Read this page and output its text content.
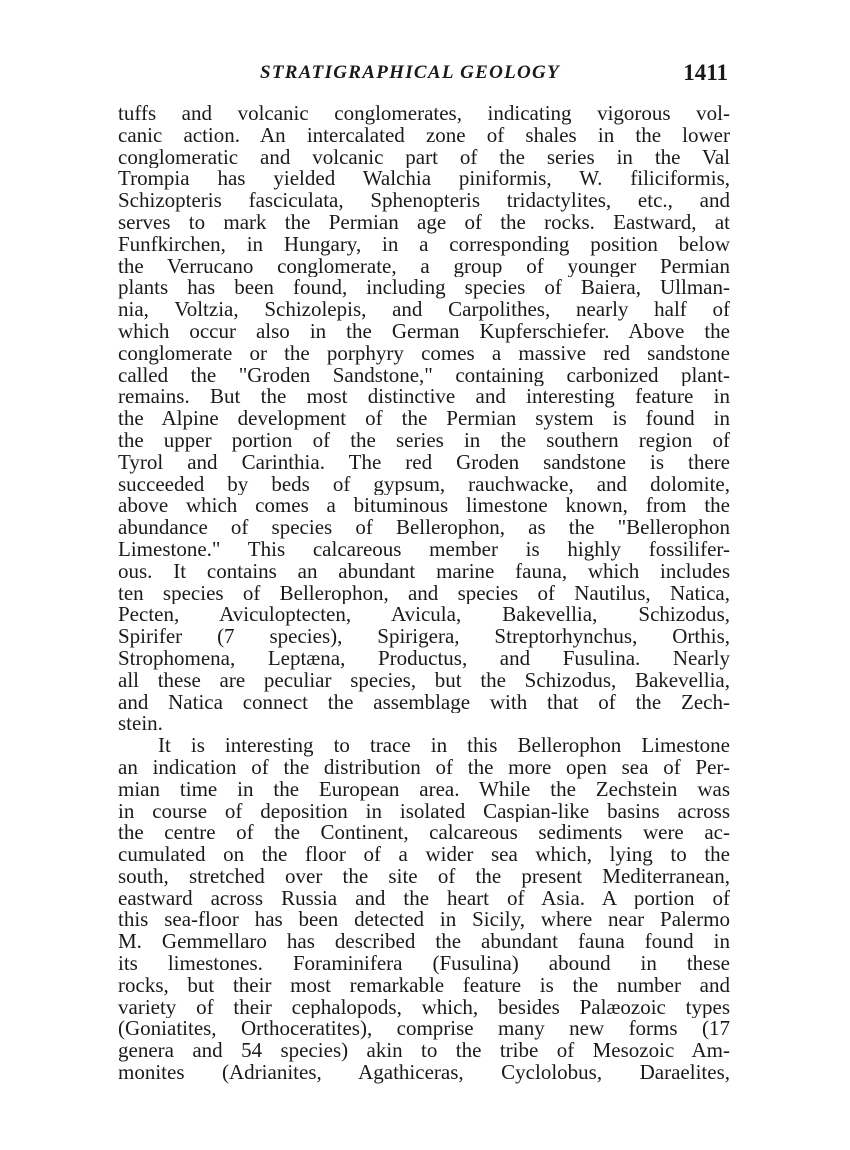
STRATIGRAPHICAL GEOLOGY	1411
tuffs and volcanic conglomerates, indicating vigorous vol-
canic action. An intercalated zone of shales in the lower
conglomeratic and volcanic part of the series in the Val
Trompia has yielded Walchia piniformis, W. filiciformis,
Schizopteris fasciculata, Sphenopteris tridactylites, etc., and
serves to mark the Permian age of the rocks. Eastward, at
Funfkirchen, in Hungary, in a corresponding position below
the Verrucano conglomerate, a group of younger Permian
plants has been found, including species of Baiera, Ullman-
nia, Voltzia, Schizolepis, and Carpolithes, nearly half of
which occur also in the German Kupferschiefer. Above the
conglomerate or the porphyry comes a massive red sandstone
called the "Groden Sandstone," containing carbonized plant-
remains. But the most distinctive and interesting feature in
the Alpine development of the Permian system is found in
the upper portion of the series in the southern region of
Tyrol and Carinthia. The red Groden sandstone is there
succeeded by beds of gypsum, rauchwacke, and dolomite,
above which comes a bituminous limestone known, from the
abundance of species of Bellerophon, as the "Bellerophon
Limestone." This calcareous member is highly fossilifer-
ous. It contains an abundant marine fauna, which includes
ten species of Bellerophon, and species of Nautilus, Natica,
Pecten, Aviculoptecten, Avicula, Bakevellia, Schizodus,
Spirifer (7 species), Spirigera, Streptorhynchus, Orthis,
Strophomena, Leptæna, Productus, and Fusulina. Nearly
all these are peculiar species, but the Schizodus, Bakevellia,
and Natica connect the assemblage with that of the Zech-
stein.
It is interesting to trace in this Bellerophon Limestone
an indication of the distribution of the more open sea of Per-
mian time in the European area. While the Zechstein was
in course of deposition in isolated Caspian-like basins across
the centre of the Continent, calcareous sediments were ac-
cumulated on the floor of a wider sea which, lying to the
south, stretched over the site of the present Mediterranean,
eastward across Russia and the heart of Asia. A portion of
this sea-floor has been detected in Sicily, where near Palermo
M. Gemmellaro has described the abundant fauna found in
its limestones. Foraminifera (Fusulina) abound in these
rocks, but their most remarkable feature is the number and
variety of their cephalopods, which, besides Palæozoic types
(Goniatites, Orthoceratites), comprise many new forms (17
genera and 54 species) akin to the tribe of Mesozoic Am-
monites (Adrianites, Agathiceras, Cyclolobus, Daraelites,
